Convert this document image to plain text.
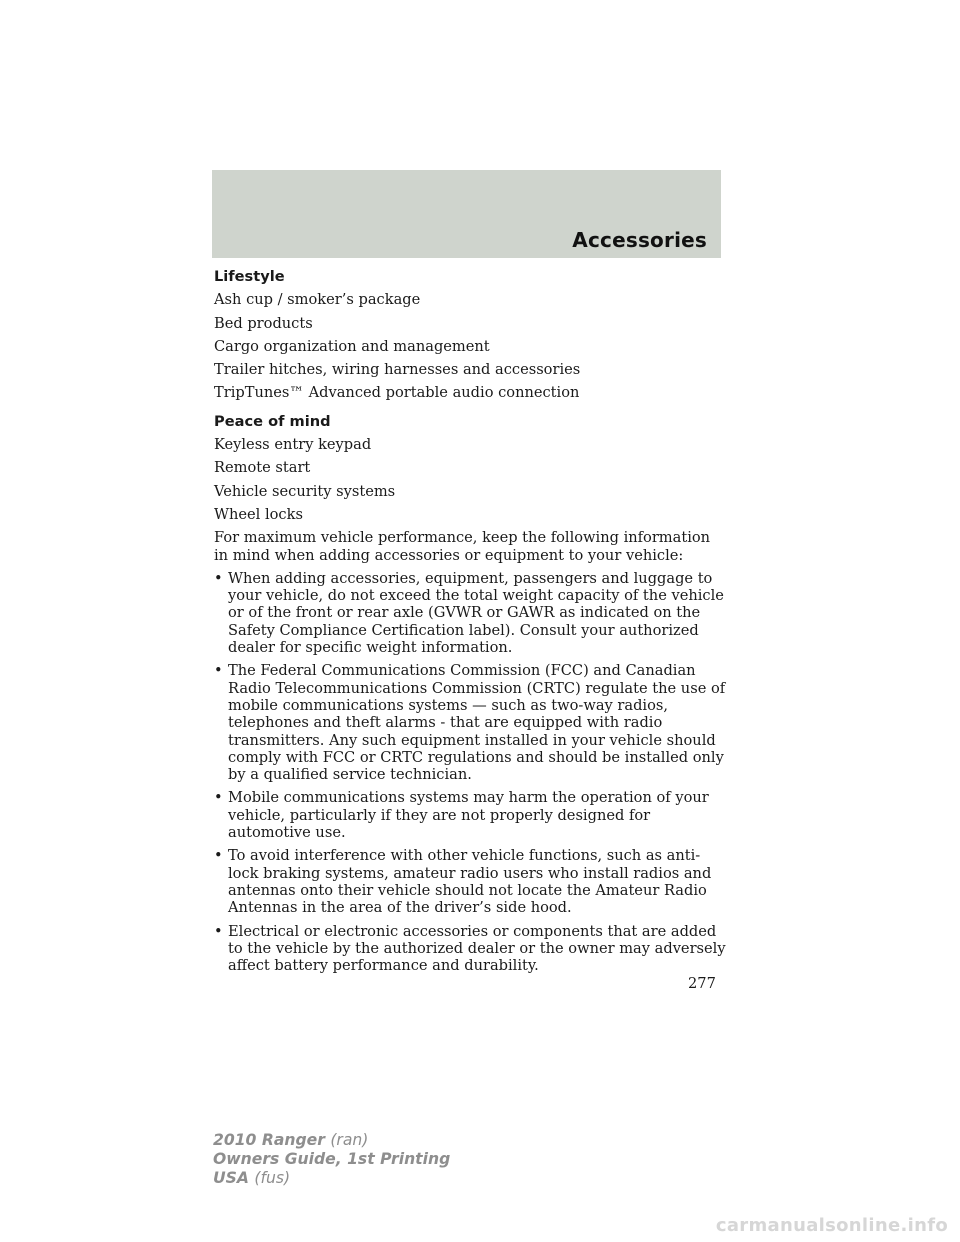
Accessories
Lifestyle
Ash cup / smoker’s package
Bed products
Cargo organization and management
Trailer hitches, wiring harnesses and accessories
TripTunes™ Advanced portable audio connection
Peace of mind
Keyless entry keypad
Remote start
Vehicle security systems
Wheel locks
For maximum vehicle performance, keep the following information in mind when adding accessories or equipment to your vehicle:
• When adding accessories, equipment, passengers and luggage to your vehicle, do not exceed the total weight capacity of the vehicle or of the front or rear axle (GVWR or GAWR as indicated on the Safety Compliance Certification label). Consult your authorized dealer for specific weight information.
• The Federal Communications Commission (FCC) and Canadian Radio Telecommunications Commission (CRTC) regulate the use of mobile communications systems — such as two-way radios, telephones and theft alarms - that are equipped with radio transmitters. Any such equipment installed in your vehicle should comply with FCC or CRTC regulations and should be installed only by a qualified service technician.
• Mobile communications systems may harm the operation of your vehicle, particularly if they are not properly designed for automotive use.
• To avoid interference with other vehicle functions, such as anti-lock braking systems, amateur radio users who install radios and antennas onto their vehicle should not locate the Amateur Radio Antennas in the area of the driver’s side hood.
• Electrical or electronic accessories or components that are added to the vehicle by the authorized dealer or the owner may adversely affect battery performance and durability.
277
2010 Ranger (ran)
Owners Guide, 1st Printing
USA (fus)
carmanualsonline.info
